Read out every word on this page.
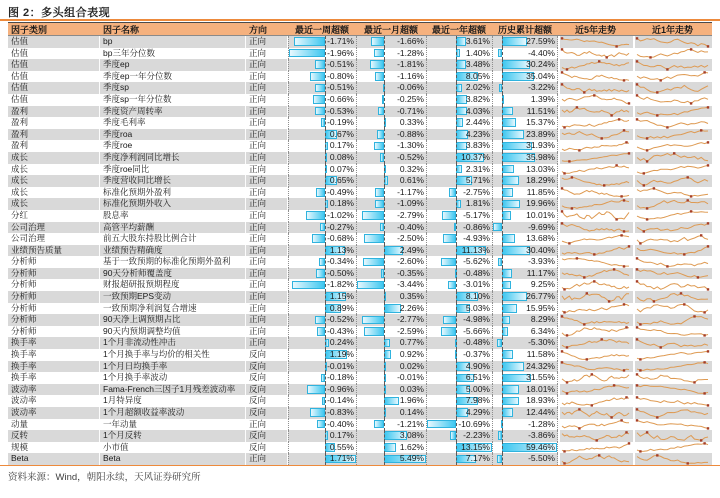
图 2：多头组合表现
因子类别	因子名称	方向	最近一周超额	最近一月超额	最近一年超额	历史累计超额	近5年走势	近1年走势
估值	bp	正向	-1.71%	-1.66%	3.61%	27.59%
估值	bp三年分位数	正向	-1.96%	-1.28%	1.40%	-4.40%
估值	季度ep	正向	-0.51%	-1.81%	3.48%	30.24%
估值	季度ep一年分位数	正向	-0.80%	-1.16%	8.05%	35.04%
估值	季度sp	正向	-0.51%	-0.06%	2.02%	-3.22%
估值	季度sp一年分位数	正向	-0.66%	-0.25%	3.82%	1.39%
盈利	季度资产周转率	正向	-0.53%	-0.71%	4.03%	11.51%
盈利	季度毛利率	正向	-0.19%	0.33%	2.44%	15.37%
盈利	季度roa	正向	0.67%	-0.88%	4.23%	23.89%
盈利	季度roe	正向	0.17%	-1.30%	3.83%	31.93%
成长	季度净利润同比增长	正向	0.08%	-0.52%	10.37%	35.98%
成长	季度roe同比	正向	0.07%	0.32%	2.31%	13.03%
成长	季度营收同比增长	正向	0.65%	0.61%	5.71%	18.29%
成长	标准化预期外盈利	正向	-0.49%	-1.17%	-2.75%	11.85%
成长	标准化预期外收入	正向	0.18%	-1.09%	1.81%	19.96%
分红	股息率	正向	-1.02%	-2.79%	-5.17%	10.01%
公司治理	高管平均薪酬	正向	-0.27%	-0.40%	-0.86%	-9.69%
公司治理	前五大股东持股比例合计	正向	-0.68%	-2.50%	-4.93%	13.68%
业绩预告质量	业绩预告精确度	正向	1.13%	2.49%	11.13%	30.40%
分析师	基于一致预期的标准化预期外盈利	正向	-0.34%	-2.60%	-5.62%	-3.93%
分析师	90天分析师覆盖度	正向	-0.50%	-0.35%	-0.48%	11.17%
分析师	财报超研报预期程度	正向	-1.82%	-3.44%	-3.01%	9.25%
分析师	一致预期EPS变动	正向	1.15%	0.35%	8.10%	26.77%
分析师	一致预期净利润复合增速	正向	0.89%	2.26%	5.03%	15.95%
分析师	90天净上调预期占比	正向	-0.52%	-2.77%	-4.98%	8.29%
分析师	90天内预期调整均值	正向	-0.43%	-2.59%	-5.66%	6.34%
换手率	1个月非流动性冲击	正向	0.24%	0.77%	-0.48%	-5.30%
换手率	1个月换手率与均价的相关性	反向	1.19%	0.92%	-0.37%	11.58%
换手率	1个月日均换手率	反向	-0.01%	0.02%	4.90%	24.32%
换手率	1个月换手率波动	反向	-0.18%	-0.01%	6.51%	31.55%
波动率	Fama-French三因子1月残差波动率	反向	-0.96%	0.03%	5.00%	18.01%
波动率	1月特异度	反向	-0.14%	1.96%	7.98%	18.93%
波动率	1个月超额收益率波动	反向	-0.83%	0.14%	4.29%	12.44%
动量	一年动量	正向	-0.40%	-1.21%	-10.69%	-1.28%
反转	1个月反转	反向	0.17%	3.08%	-2.23%	-3.86%
规模	小市值	反向	0.55%	1.62%	13.15%	59.46%
Beta	Beta	正向	1.71%	5.49%	7.17%	-5.50%
资料来源：Wind，朝阳永续，天风证券研究所
